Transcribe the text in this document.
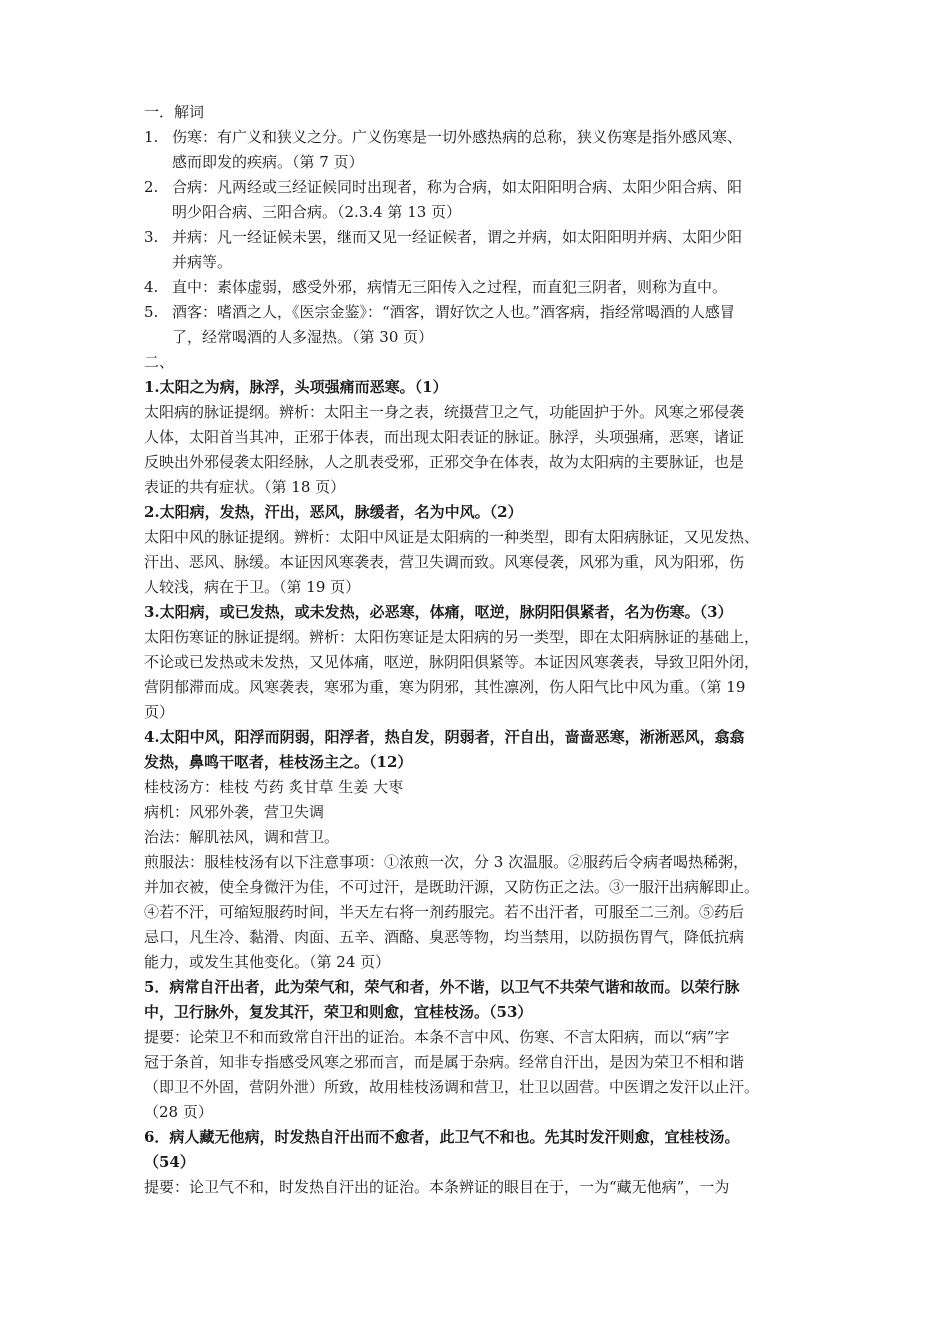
一．解词
1. 伤寒：有广义和狭义之分。广义伤寒是一切外感热病的总称，狭义伤寒是指外感风寒、
感而即发的疾病。（第 7 页）
2. 合病：凡两经或三经证候同时出现者，称为合病，如太阳阳明合病、太阳少阳合病、阳
明少阳合病、三阳合病。（2.3.4 第 13 页）
3. 并病：凡一经证候未罢，继而又见一经证候者，谓之并病，如太阳阳明并病、太阳少阳
并病等。
4. 直中：素体虚弱，感受外邪，病情无三阳传入之过程，而直犯三阴者，则称为直中。
5. 酒客：嗜酒之人，《医宗金鉴》：“酒客，谓好饮之人也。”酒客病，指经常喝酒的人感冒
了，经常喝酒的人多湿热。（第 30 页）
二、
1.太阳之为病，脉浮，头项强痛而恶寒。（1）
太阳病的脉证提纲。辨析：太阳主一身之表，统摄营卫之气，功能固护于外。风寒之邪侵袭
人体，太阳首当其冲，正邪于体表，而出现太阳表证的脉证。脉浮，头项强痛，恶寒，诸证
反映出外邪侵袭太阳经脉，人之肌表受邪，正邪交争在体表，故为太阳病的主要脉证，也是
表证的共有症状。（第 18 页）
2.太阳病，发热，汗出，恶风，脉缓者，名为中风。（2）
太阳中风的脉证提纲。辨析：太阳中风证是太阳病的一种类型，即有太阳病脉证，又见发热、
汗出、恶风、脉缓。本证因风寒袭表，营卫失调而致。风寒侵袭，风邪为重，风为阳邪，伤
人较浅，病在于卫。（第 19 页）
3.太阳病，或已发热，或未发热，必恶寒，体痛，呕逆，脉阴阳俱紧者，名为伤寒。（3）
太阳伤寒证的脉证提纲。辨析：太阳伤寒证是太阳病的另一类型，即在太阳病脉证的基础上，
不论或已发热或未发热，又见体痛，呕逆，脉阴阳俱紧等。本证因风寒袭表，导致卫阳外闭，
营阴郁滞而成。风寒袭表，寒邪为重，寒为阴邪，其性凛冽，伤人阳气比中风为重。（第 19
页）
4.太阳中风，阳浮而阴弱，阳浮者，热自发，阴弱者，汗自出，啬啬恶寒，淅淅恶风，翕翕
发热，鼻鸣干呕者，桂枝汤主之。（12）
桂枝汤方：桂枝 芍药 炙甘草 生姜 大枣
病机：风邪外袭，营卫失调
治法：解肌祛风，调和营卫。
煎服法：服桂枝汤有以下注意事项：①浓煎一次，分 3 次温服。②服药后令病者喝热稀粥，
并加衣被，使全身微汗为佳，不可过汗，是既助汗源，又防伤正之法。③一服汗出病解即止。
④若不汗，可缩短服药时间，半天左右将一剂药服完。若不出汗者，可服至二三剂。⑤药后
忌口，凡生冷、黏滑、肉面、五辛、酒酪、臭恶等物，均当禁用，以防损伤胃气，降低抗病
能力，或发生其他变化。（第 24 页）
5．病常自汗出者，此为荣气和，荣气和者，外不谐，以卫气不共荣气谐和故而。以荣行脉
中，卫行脉外，复发其汗，荣卫和则愈，宜桂枝汤。（53）
提要：论荣卫不和而致常自汗出的证治。本条不言中风、伤寒、不言太阳病，而以“病”字
冠于条首，知非专指感受风寒之邪而言，而是属于杂病。经常自汗出，是因为荣卫不相和谐
（即卫不外固，营阴外泄）所致，故用桂枝汤调和营卫，壮卫以固营。中医谓之发汗以止汗。
（28 页）
6．病人藏无他病，时发热自汗出而不愈者，此卫气不和也。先其时发汗则愈，宜桂枝汤。
（54）
提要：论卫气不和，时发热自汗出的证治。本条辨证的眼目在于，一为“藏无他病”，一为
